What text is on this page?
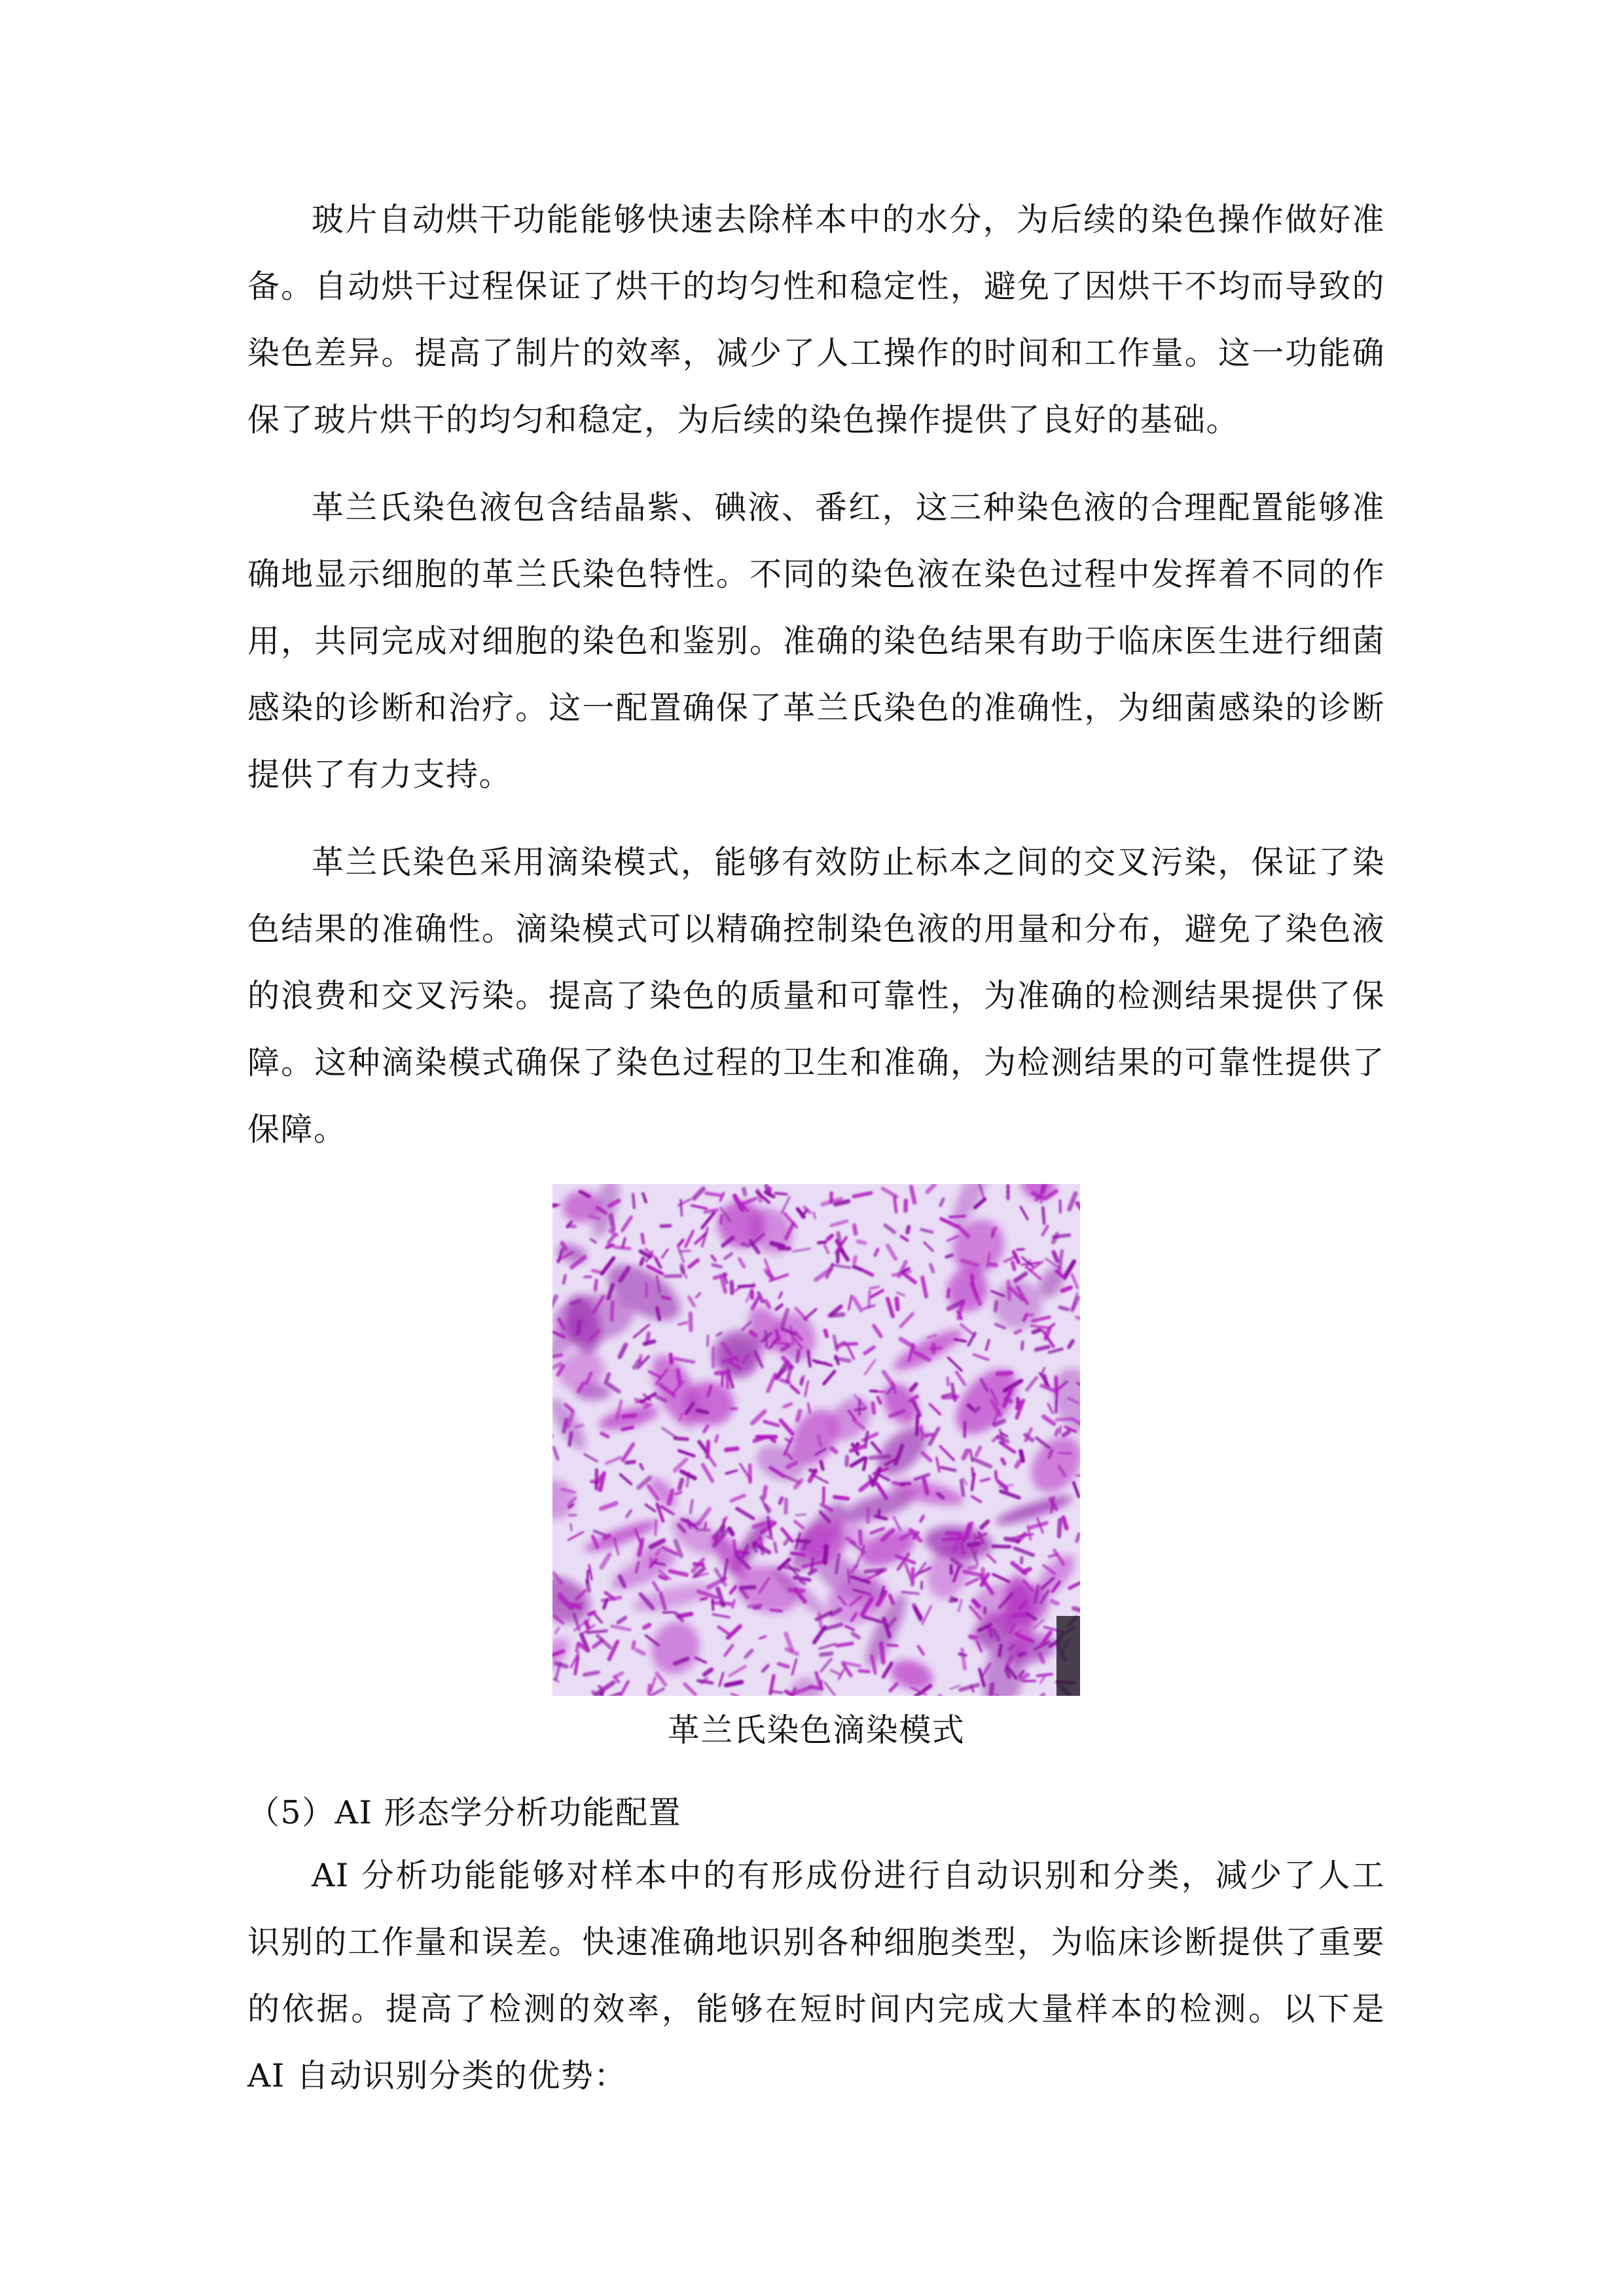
玻片自动烘干功能能够快速去除样本中的水分，为后续的染色操作做好准备。自动烘干过程保证了烘干的均匀性和稳定性，避免了因烘干不均而导致的染色差异。提高了制片的效率，减少了人工操作的时间和工作量。这一功能确保了玻片烘干的均匀和稳定，为后续的染色操作提供了良好的基础。

革兰氏染色液包含结晶紫、碘液、番红，这三种染色液的合理配置能够准确地显示细胞的革兰氏染色特性。不同的染色液在染色过程中发挥着不同的作用，共同完成对细胞的染色和鉴别。准确的染色结果有助于临床医生进行细菌感染的诊断和治疗。这一配置确保了革兰氏染色的准确性，为细菌感染的诊断提供了有力支持。

革兰氏染色采用滴染模式，能够有效防止标本之间的交叉污染，保证了染色结果的准确性。滴染模式可以精确控制染色液的用量和分布，避免了染色液的浪费和交叉污染。提高了染色的质量和可靠性，为准确的检测结果提供了保障。这种滴染模式确保了染色过程的卫生和准确，为检测结果的可靠性提供了保障。

革兰氏染色滴染模式

（5）AI 形态学分析功能配置

AI 分析功能能够对样本中的有形成份进行自动识别和分类，减少了人工识别的工作量和误差。快速准确地识别各种细胞类型，为临床诊断提供了重要的依据。提高了检测的效率，能够在短时间内完成大量样本的检测。以下是 AI 自动识别分类的优势：
